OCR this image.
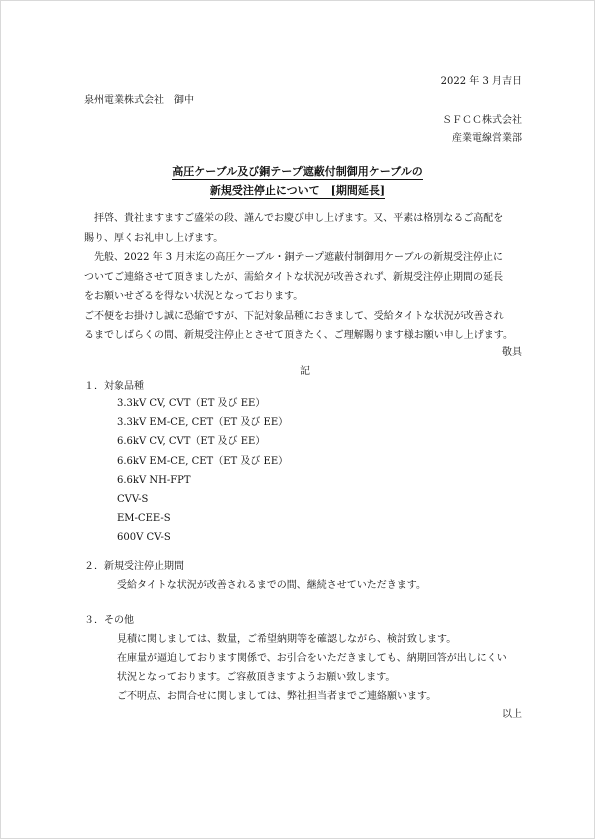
2022 年 3 月吉日
泉州電業株式会社　御中
ＳＦＣＣ株式会社
産業電線営業部
高圧ケーブル及び銅テープ遮蔽付制御用ケーブルの
新規受注停止について　[期間延長]

　拝啓、貴社ますますご盛栄の段、謹んでお慶び申し上げます。又、平素は格別なるご高配を

賜り、厚くお礼申し上げます。

　先般、2022 年 3 月末迄の高圧ケーブル・銅テープ遮蔽付制御用ケーブルの新規受注停止に

ついてご連絡させて頂きましたが、需給タイトな状況が改善されず、新規受注停止期間の延長

をお願いせざるを得ない状況となっております。

ご不便をお掛けし誠に恐縮ですが、下記対象品種におきまして、受給タイトな状況が改善され

るまでしばらくの間、新規受注停止とさせて頂きたく、ご理解賜ります様お願い申し上げます。

敬具
記
１．対象品種
3.3kV CV, CVT（ET 及び EE）
3.3kV EM-CE, CET（ET 及び EE）
6.6kV CV, CVT（ET 及び EE）
6.6kV EM-CE, CET（ET 及び EE）
6.6kV NH-FPT
CVV-S
EM-CEE-S
600V CV-S
２．新規受注停止期間
受給タイトな状況が改善されるまでの間、継続させていただきます。
３．その他
見積に関しましては、数量，ご希望納期等を確認しながら、検討致します。
在庫量が逼迫しております関係で、お引合をいただきましても、納期回答が出しにくい
状況となっております。ご容赦頂きますようお願い致します。
ご不明点、お問合せに関しましては、弊社担当者までご連絡願います。
以上
